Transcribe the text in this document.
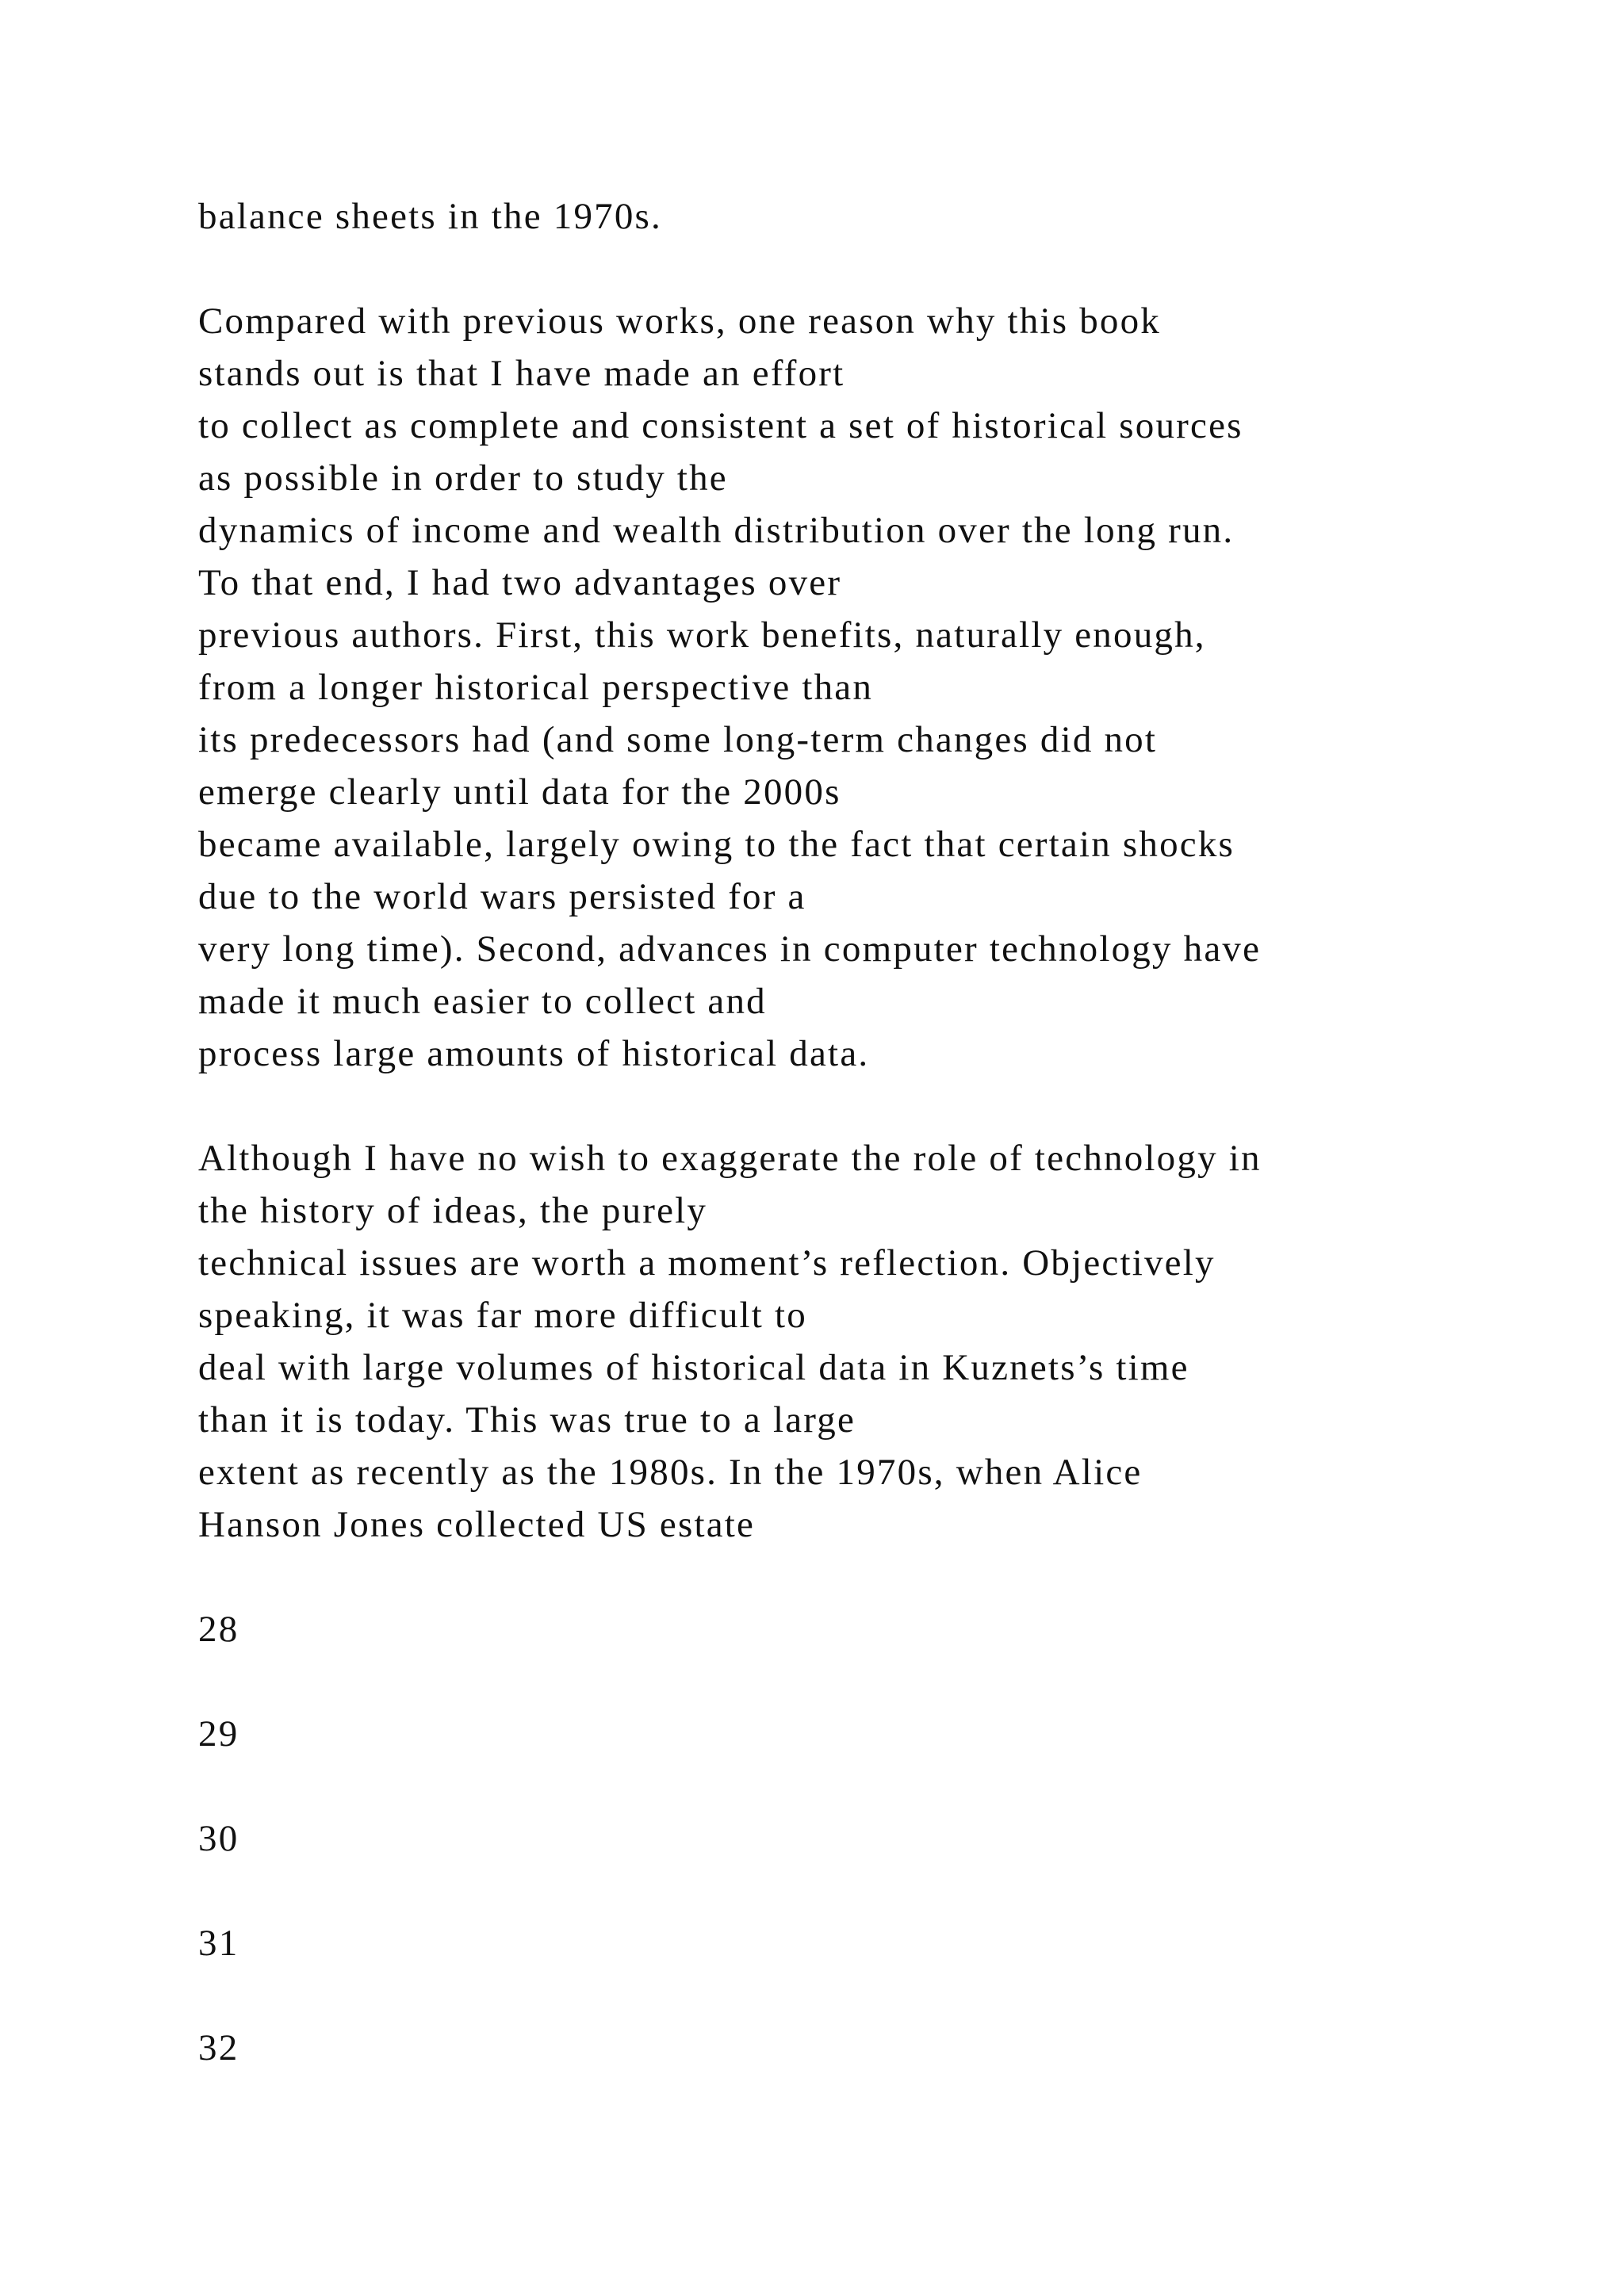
balance sheets in the 1970s.
Compared with previous works, one reason why this book
stands out is that I have made an effort
to collect as complete and consistent a set of historical sources
as possible in order to study the
dynamics of income and wealth distribution over the long run.
To that end, I had two advantages over
previous authors. First, this work benefits, naturally enough,
from a longer historical perspective than
its predecessors had (and some long-term changes did not
emerge clearly until data for the 2000s
became available, largely owing to the fact that certain shocks
due to the world wars persisted for a
very long time). Second, advances in computer technology have
made it much easier to collect and
process large amounts of historical data.
Although I have no wish to exaggerate the role of technology in
the history of ideas, the purely
technical issues are worth a moment’s reflection. Objectively
speaking, it was far more difficult to
deal with large volumes of historical data in Kuznets’s time
than it is today. This was true to a large
extent as recently as the 1980s. In the 1970s, when Alice
Hanson Jones collected US estate
28
29
30
31
32
